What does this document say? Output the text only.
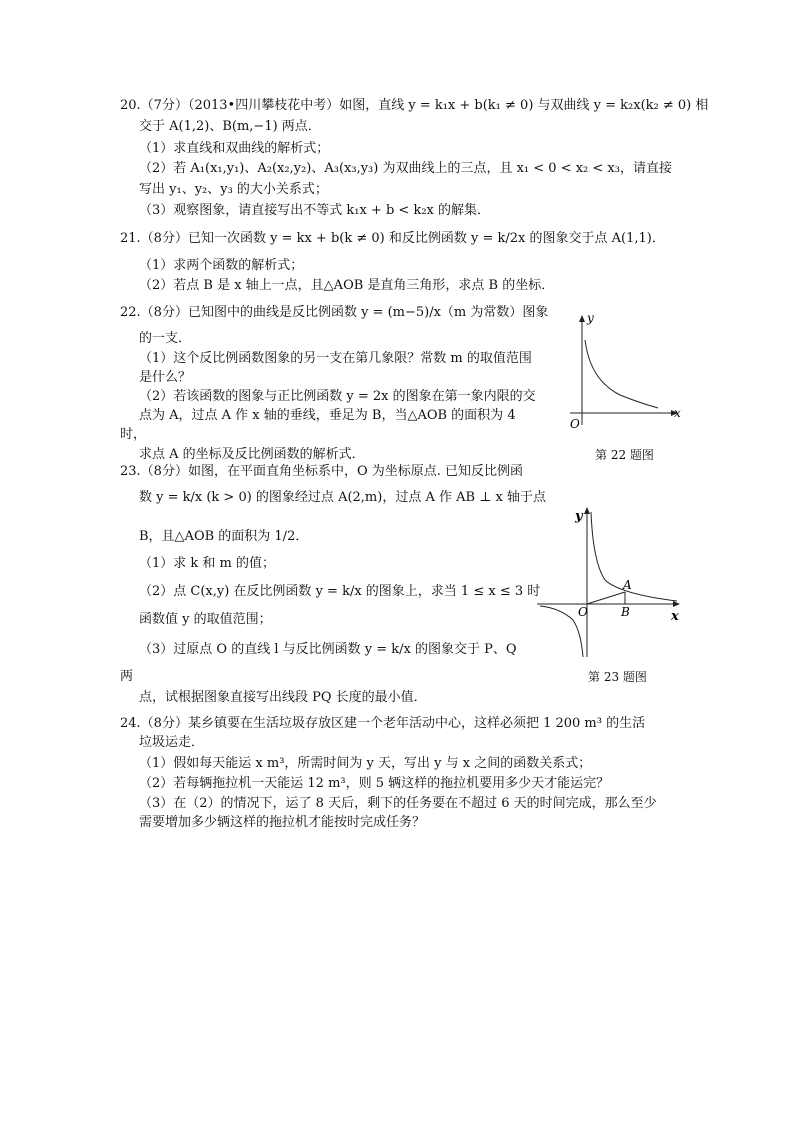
20.（7分）（2013•四川攀枝花中考）如图，直线 y = k₁x + b(k₁ ≠ 0) 与双曲线 y = k₂x(k₂ ≠ 0) 相
交于 A(1,2)、B(m,−1) 两点．
（1）求直线和双曲线的解析式；
（2）若 A₁(x₁,y₁)、A₂(x₂,y₂)、A₃(x₃,y₃) 为双曲线上的三点，且 x₁ < 0 < x₂ < x₃，请直接
写出 y₁、y₂、y₃ 的大小关系式；
（3）观察图象，请直接写出不等式 k₁x + b < k₂x 的解集．
21.（8分）已知一次函数 y = kx + b(k ≠ 0) 和反比例函数 y = k/2x 的图象交于点 A(1,1)．
（1）求两个函数的解析式；
（2）若点 B 是 x 轴上一点，且△AOB 是直角三角形，求点 B 的坐标．
22.（8分）已知图中的曲线是反比例函数 y = (m−5)/x（m 为常数）图象
的一支．
（1）这个反比例函数图象的另一支在第几象限？常数 m 的取值范围
是什么？
（2）若该函数的图象与正比例函数 y = 2x 的图象在第一象内限的交
点为 A，过点 A 作 x 轴的垂线，垂足为 B，当△AOB 的面积为 4
时，
求点 A 的坐标及反比例函数的解析式．
y
x
O
第 22 题图
23.（8分）如图，在平面直角坐标系中，O 为坐标原点. 已知反比例函
数 y = k/x (k > 0) 的图象经过点 A(2,m)，过点 A 作 AB ⊥ x 轴于点
B，且△AOB 的面积为 1/2．
（1）求 k 和 m 的值；
（2）点 C(x,y) 在反比例函数 y = k/x 的图象上，求当 1 ≤ x ≤ 3 时
函数值 y 的取值范围；
（3）过原点 O 的直线 l 与反比例函数 y = k/x 的图象交于 P、Q
两
点，试根据图象直接写出线段 PQ 长度的最小值．
y
x
O
A
B
第 23 题图
24.（8分）某乡镇要在生活垃圾存放区建一个老年活动中心，这样必须把 1 200 m³ 的生活
垃圾运走．
（1）假如每天能运 x m³，所需时间为 y 天，写出 y 与 x 之间的函数关系式；
（2）若每辆拖拉机一天能运 12 m³，则 5 辆这样的拖拉机要用多少天才能运完？
（3）在（2）的情况下，运了 8 天后，剩下的任务要在不超过 6 天的时间完成，那么至少
需要增加多少辆这样的拖拉机才能按时完成任务？
